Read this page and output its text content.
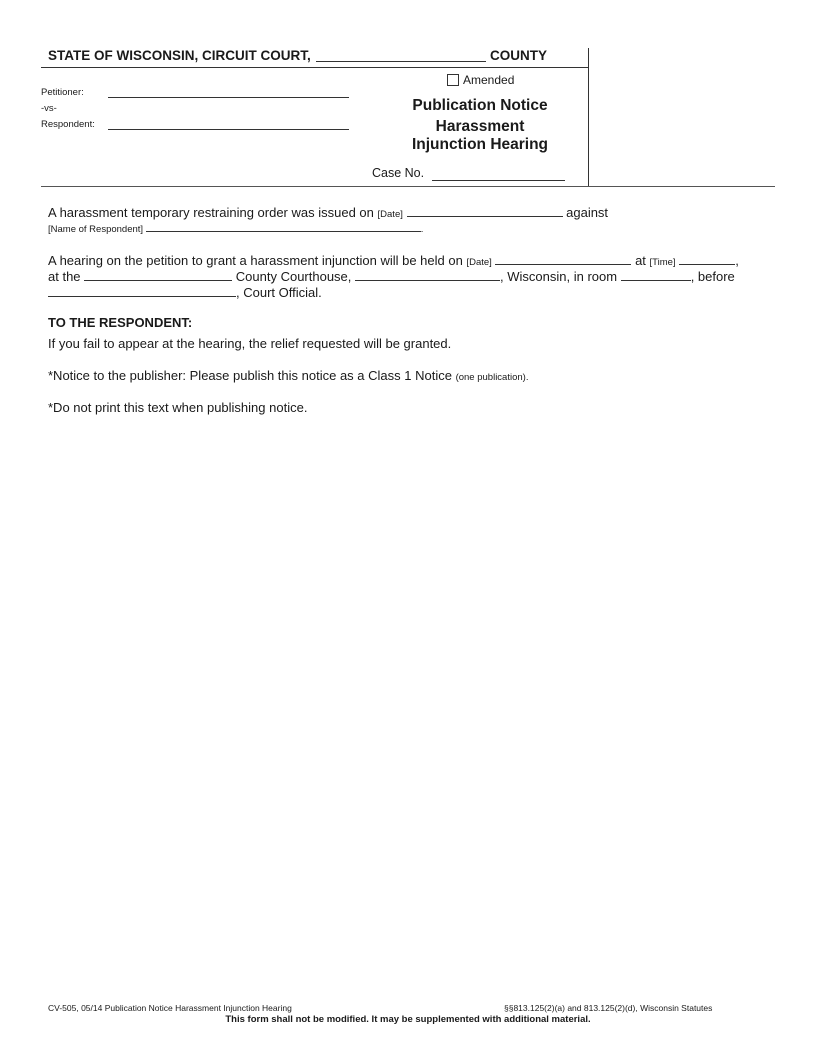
STATE OF WISCONSIN, CIRCUIT COURT,	COUNTY
Amended
Petitioner:
-vs-
Respondent:
Publication Notice
Harassment
Injunction Hearing
Case No.
A harassment temporary restraining order was issued on [Date]	against
[Name of Respondent]	.
A hearing on the petition to grant a harassment injunction will be held on [Date]	at [Time]	,
at the	County Courthouse,	, Wisconsin, in room	, before
, Court Official.
TO THE RESPONDENT:
If you fail to appear at the hearing, the relief requested will be granted.
*Notice to the publisher: Please publish this notice as a Class 1 Notice (one publication).
*Do not print this text when publishing notice.
CV-505, 05/14 Publication Notice Harassment Injunction Hearing	§§813.125(2)(a) and 813.125(2)(d), Wisconsin Statutes
This form shall not be modified. It may be supplemented with additional material.
